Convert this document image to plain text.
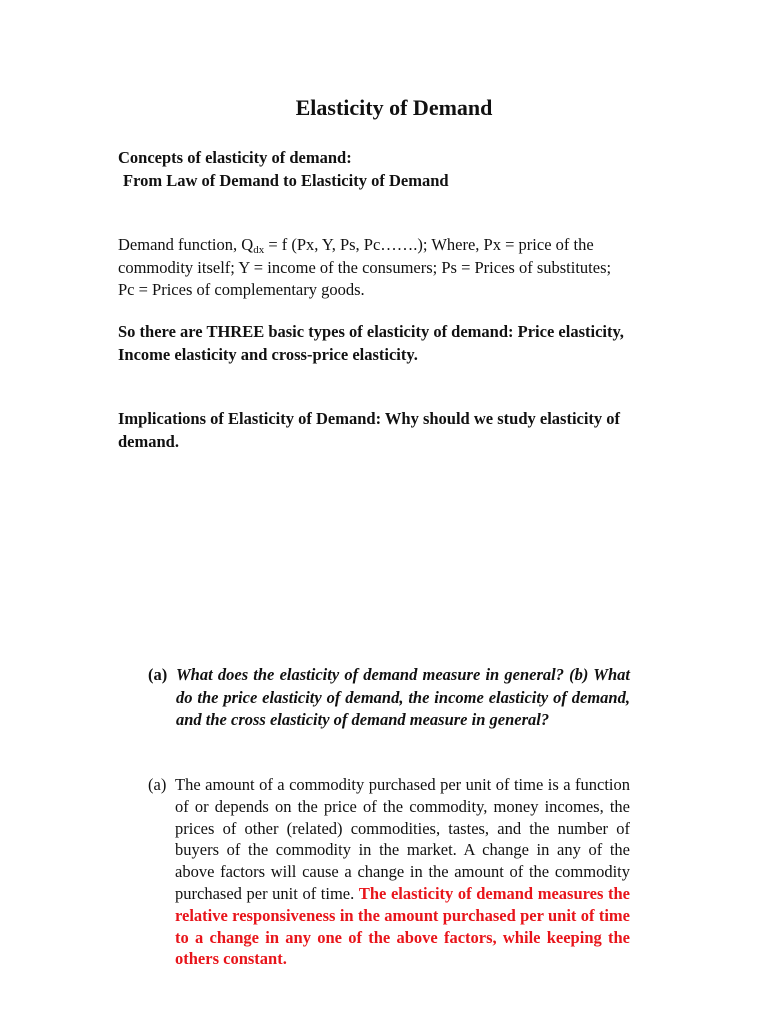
Elasticity of Demand
Concepts of elasticity of demand:
From Law of Demand to Elasticity of Demand
Demand function, $Q_{dx} = f$ (Px, Y, Ps, Pc…….); Where, Px = price of the commodity itself; Y = income of the consumers; Ps = Prices of substitutes; Pc = Prices of complementary goods.
So there are THREE basic types of elasticity of demand: Price elasticity, Income elasticity and cross-price elasticity.
Implications of Elasticity of Demand: Why should we study elasticity of demand.
(a) What does the elasticity of demand measure in general? (b) What do the price elasticity of demand, the income elasticity of demand, and the cross elasticity of demand measure in general?
(a) The amount of a commodity purchased per unit of time is a function of or depends on the price of the commodity, money incomes, the prices of other (related) commodities, tastes, and the number of buyers of the commodity in the market. A change in any of the above factors will cause a change in the amount of the commodity purchased per unit of time. The elasticity of demand measures the relative responsiveness in the amount purchased per unit of time to a change in any one of the above factors, while keeping the others constant.
